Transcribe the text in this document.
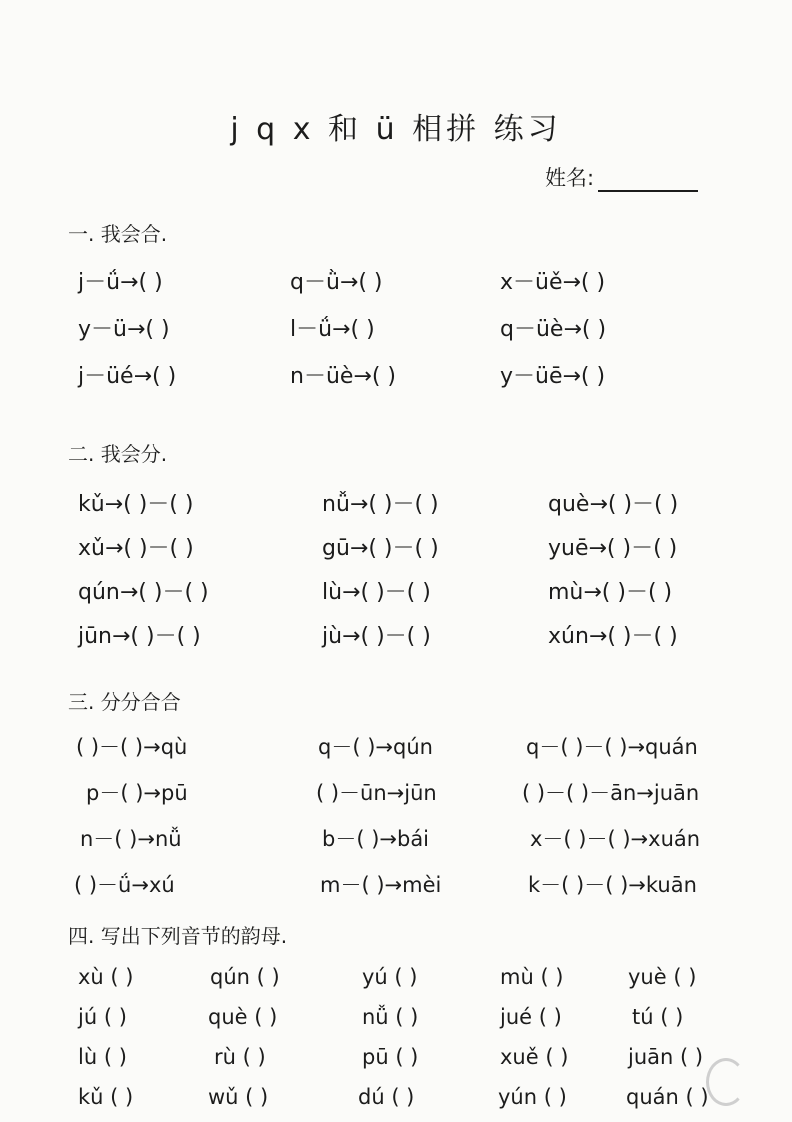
j q x 和 ü 相拼 练习
姓名:
一. 我会合.
j－ǘ→( )	q－ǜ→( )	x－üě→( )
y－ü→( )	l－ǘ→( )	q－üè→( )
j－üé→( )	n－üè→( )	y－üē→( )
二. 我会分.
kǔ→( )－( )	nǚ→( )－( )	què→( )－( )
xǔ→( )－( )	gū→( )－( )	yuē→( )－( )
qún→( )－( )	lù→( )－( )	mù→( )－( )
jūn→( )－( )	jù→( )－( )	xún→( )－( )
三. 分分合合
( )－( )→qù	q－( )→qún	q－( )－( )→quán
p－( )→pū	( )－ūn→jūn	( )－( )－ān→juān
n－( )→nǚ	b－( )→bái	x－( )－( )→xuán
( )－ǘ→xú	m－( )→mèi	k－( )－( )→kuān
四. 写出下列音节的韵母.
xù ( )	qún ( )	yú ( )	mù ( )	yuè ( )
jú ( )	què ( )	nǚ ( )	jué ( )	tú ( )
lù ( )	rù ( )	pū ( )	xuě ( )	juān ( )
kǔ ( )	wǔ ( )	dú ( )	yún ( )	quán ( )
